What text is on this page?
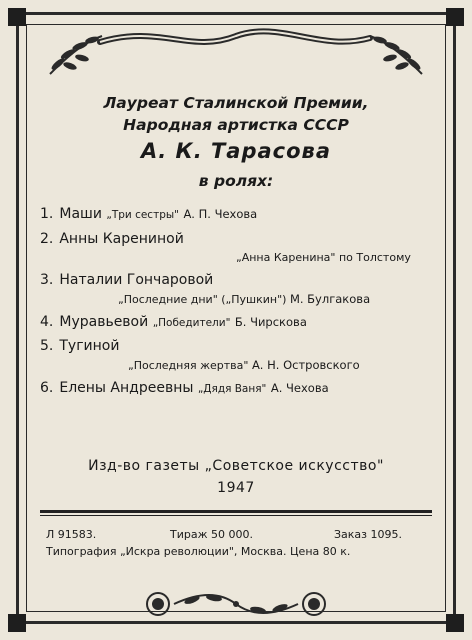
Лауреат Сталинской Премии,
Народная артистка СССР
А. К. Тарасова
в ролях:
1. Маши „Три сестры" А. П. Чехова
2. Анны Карениной
„Анна Каренина" по Толстому
3. Наталии Гончаровой
„Последние дни" („Пушкин") М. Булгакова
4. Муравьевой „Победители" Б. Чирскова
5. Тугиной
„Последняя жертва" А. Н. Островского
6. Елены Андреевны „Дядя Ваня" А. Чехова
Изд-во газеты „Советское искусство"
1947
Л 91583.	Тираж 50 000.	Заказ 1095.
Типография „Искра революции", Москва. Цена 80 к.
